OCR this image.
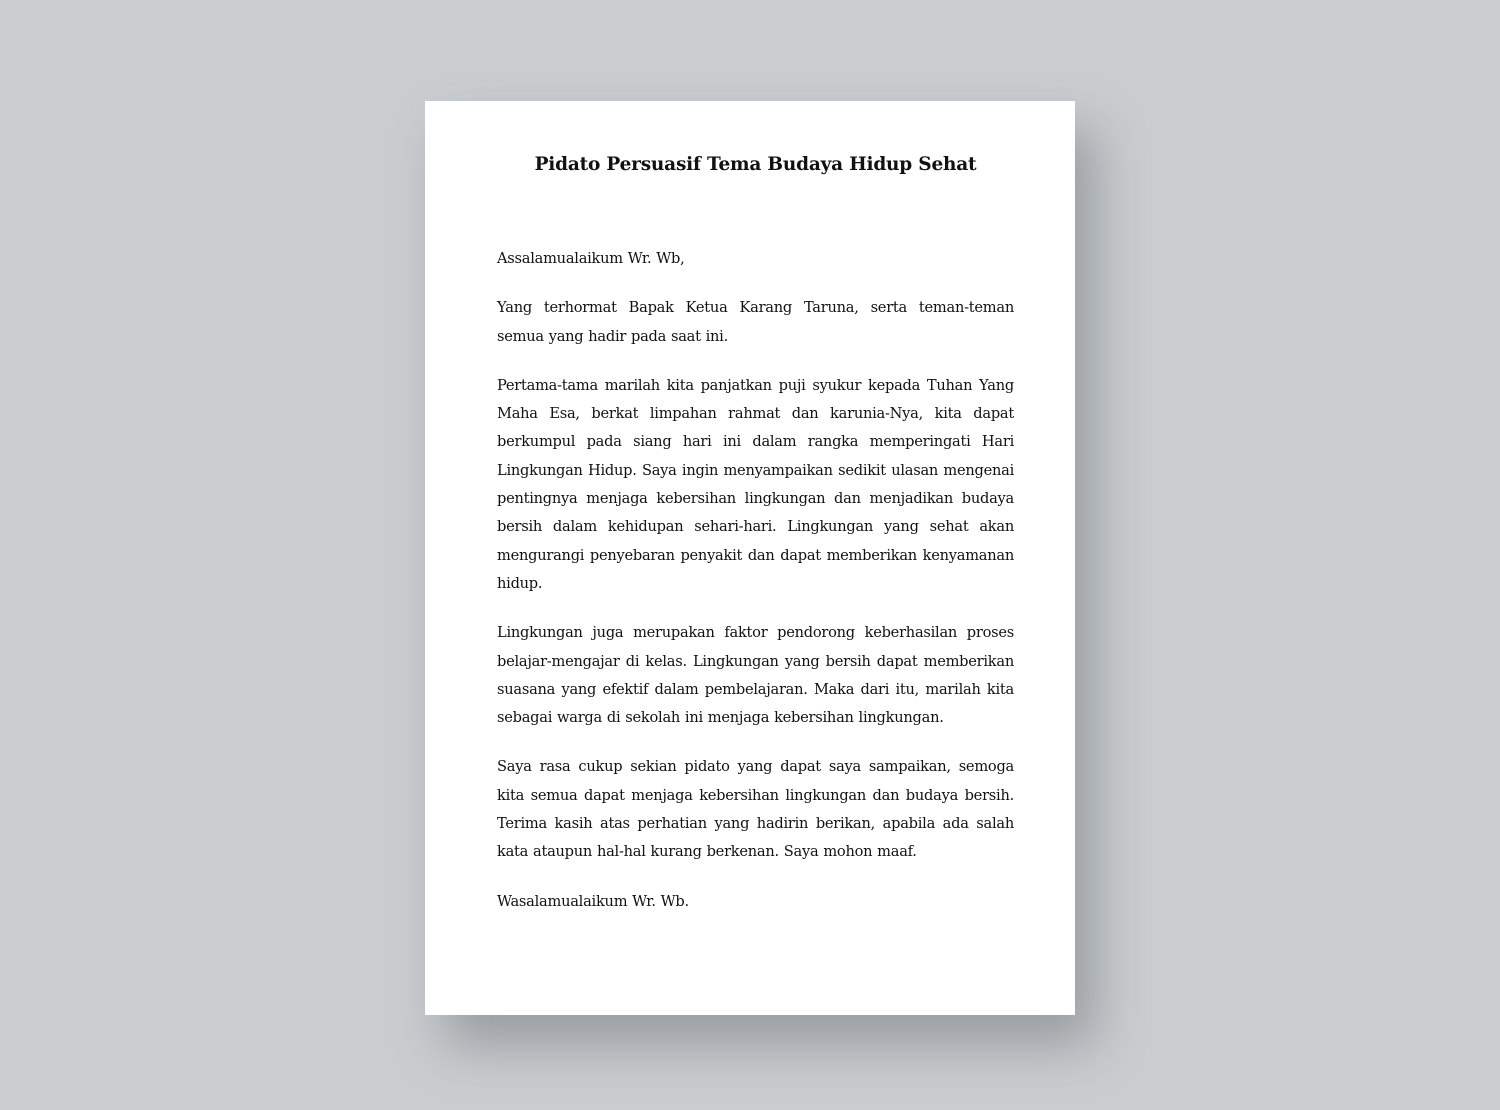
Pidato Persuasif Tema Budaya Hidup Sehat

Assalamualaikum Wr. Wb,

Yang terhormat Bapak Ketua Karang Taruna, serta teman-teman semua yang hadir pada saat ini.

Pertama-tama marilah kita panjatkan puji syukur kepada Tuhan Yang Maha Esa, berkat limpahan rahmat dan karunia-Nya, kita dapat berkumpul pada siang hari ini dalam rangka memperingati Hari Lingkungan Hidup. Saya ingin menyampaikan sedikit ulasan mengenai pentingnya menjaga kebersihan lingkungan dan menjadikan budaya bersih dalam kehidupan sehari-hari. Lingkungan yang sehat akan mengurangi penyebaran penyakit dan dapat memberikan kenyamanan hidup.

Lingkungan juga merupakan faktor pendorong keberhasilan proses belajar-mengajar di kelas. Lingkungan yang bersih dapat memberikan suasana yang efektif dalam pembelajaran. Maka dari itu, marilah kita sebagai warga di sekolah ini menjaga kebersihan lingkungan.

Saya rasa cukup sekian pidato yang dapat saya sampaikan, semoga kita semua dapat menjaga kebersihan lingkungan dan budaya bersih. Terima kasih atas perhatian yang hadirin berikan, apabila ada salah kata ataupun hal-hal kurang berkenan. Saya mohon maaf.

Wasalamualaikum Wr. Wb.
